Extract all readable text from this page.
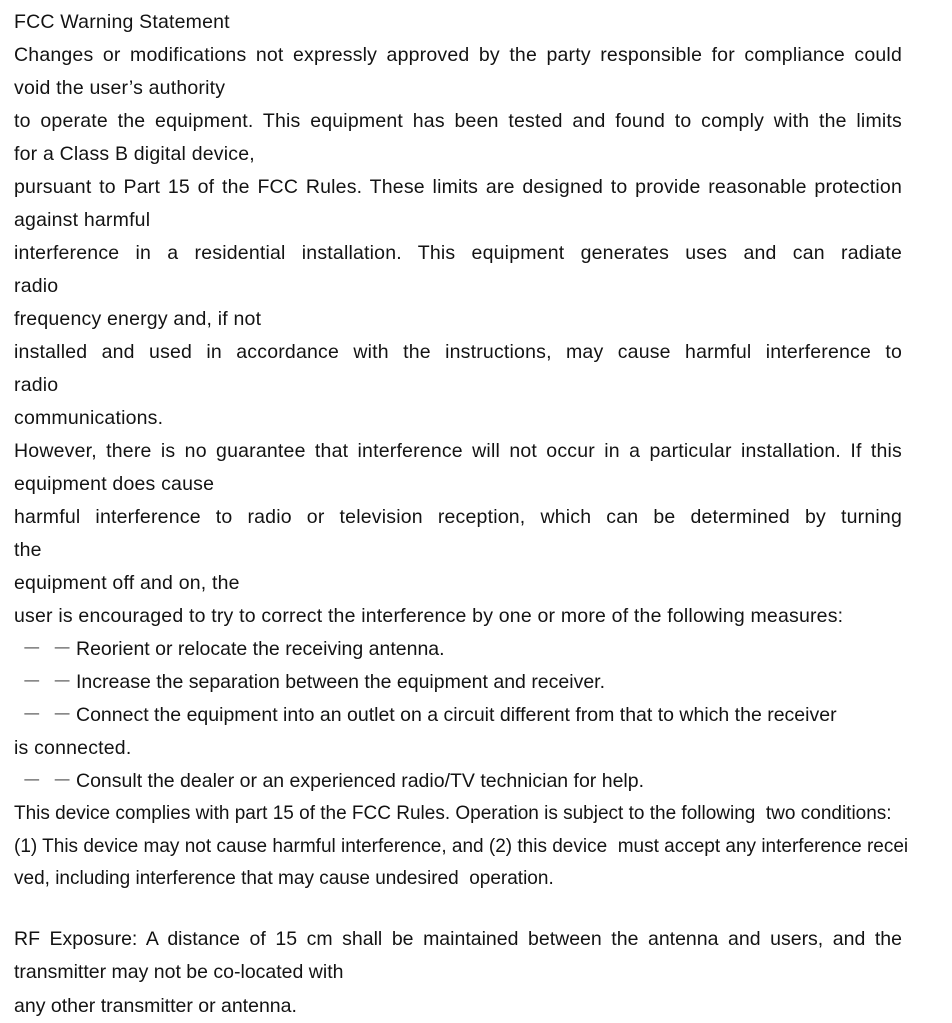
FCC Warning Statement
Changes or modifications not expressly approved by the party responsible for compliance could
void the user’s authority
to operate the equipment. This equipment has been tested and found to comply with the limits
for a Class B digital device,
pursuant to Part 15 of the FCC Rules. These limits are designed to provide reasonable protection
against harmful
interference in a residential installation. This equipment generates uses and can radiate radio
frequency energy and, if not
installed and used in accordance with the instructions, may cause harmful interference to radio
communications.
However, there is no guarantee that interference will not occur in a particular installation. If this
equipment does cause
harmful interference to radio or television reception, which can be determined by turning the
equipment off and on, the
user is encouraged to try to correct the interference by one or more of the following measures:
－  － Reorient or relocate the receiving antenna.
－  － Increase the separation between the equipment and receiver.
－  － Connect the equipment into an outlet on a circuit different from that to which the receiver
is connected.
－  － Consult the dealer or an experienced radio/TV technician for help.
This device complies with part 15 of the FCC Rules. Operation is subject to the following  two conditions:
(1) This device may not cause harmful interference, and (2) this device  must accept any interference recei
ved, including interference that may cause undesired  operation.
RF Exposure: A distance of 15 cm shall be maintained between the antenna and users, and the
transmitter may not be co-located with
any other transmitter or antenna.
